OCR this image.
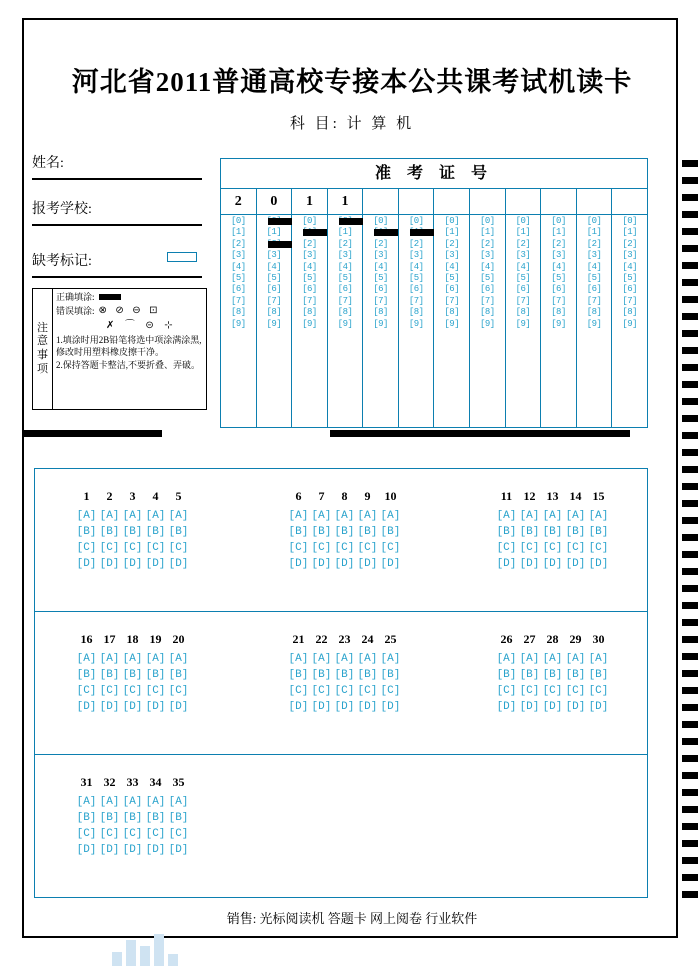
河北省2011普通高校专接本公共课考试机读卡
科 目: 计 算 机
姓名:
报考学校:
缺考标记:
注
意
事
项
正确填涂:
错误填涂: ⊗ ⊘ ⊖ ⊡
✗ ⌒ ⊝ ⊹

1.填涂时用2B铅笔将选中项涂满涂黑,修改时用塑料橡皮擦干净。

2.保持答题卡整洁,不要折叠、弄破。

准 考 证 号
2
[0]
[1]
[2]
[3]
[4]
[5]
[6]
[7]
[8]
[9]
0
[1]
[3]
[4]
[5]
[6]
[7]
[8]
[9]
1
[0]
[2]
[3]
[4]
[5]
[6]
[7]
[8]
[9]
1
[1]
[2]
[3]
[4]
[5]
[6]
[7]
[8]
[9]
[0]
[2]
[3]
[4]
[5]
[6]
[7]
[8]
[9]
[0]
[2]
[3]
[4]
[5]
[6]
[7]
[8]
[9]
[0]
[1]
[2]
[3]
[4]
[5]
[6]
[7]
[8]
[9]
[0]
[1]
[2]
[3]
[4]
[5]
[6]
[7]
[8]
[9]
[0]
[1]
[2]
[3]
[4]
[5]
[6]
[7]
[8]
[9]
[0]
[1]
[2]
[3]
[4]
[5]
[6]
[7]
[8]
[9]
[0]
[1]
[2]
[3]
[4]
[5]
[6]
[7]
[8]
[9]
[0]
[1]
[2]
[3]
[4]
[5]
[6]
[7]
[8]
[9]
1 2 3 4 5
[A] [A] [A] [A] [A]
[B] [B] [B] [B] [B]
[C] [C] [C] [C] [C]
[D] [D] [D] [D] [D]
6 7 8 9 10
[A] [A] [A] [A] [A]
[B] [B] [B] [B] [B]
[C] [C] [C] [C] [C]
[D] [D] [D] [D] [D]
11 12 13 14 15
[A] [A] [A] [A] [A]
[B] [B] [B] [B] [B]
[C] [C] [C] [C] [C]
[D] [D] [D] [D] [D]
16 17 18 19 20
[A] [A] [A] [A] [A]
[B] [B] [B] [B] [B]
[C] [C] [C] [C] [C]
[D] [D] [D] [D] [D]
21 22 23 24 25
[A] [A] [A] [A] [A]
[B] [B] [B] [B] [B]
[C] [C] [C] [C] [C]
[D] [D] [D] [D] [D]
26 27 28 29 30
[A] [A] [A] [A] [A]
[B] [B] [B] [B] [B]
[C] [C] [C] [C] [C]
[D] [D] [D] [D] [D]
31 32 33 34 35
[A] [A] [A] [A] [A]
[B] [B] [B] [B] [B]
[C] [C] [C] [C] [C]
[D] [D] [D] [D] [D]
销售: 光标阅读机 答题卡 网上阅卷 行业软件
